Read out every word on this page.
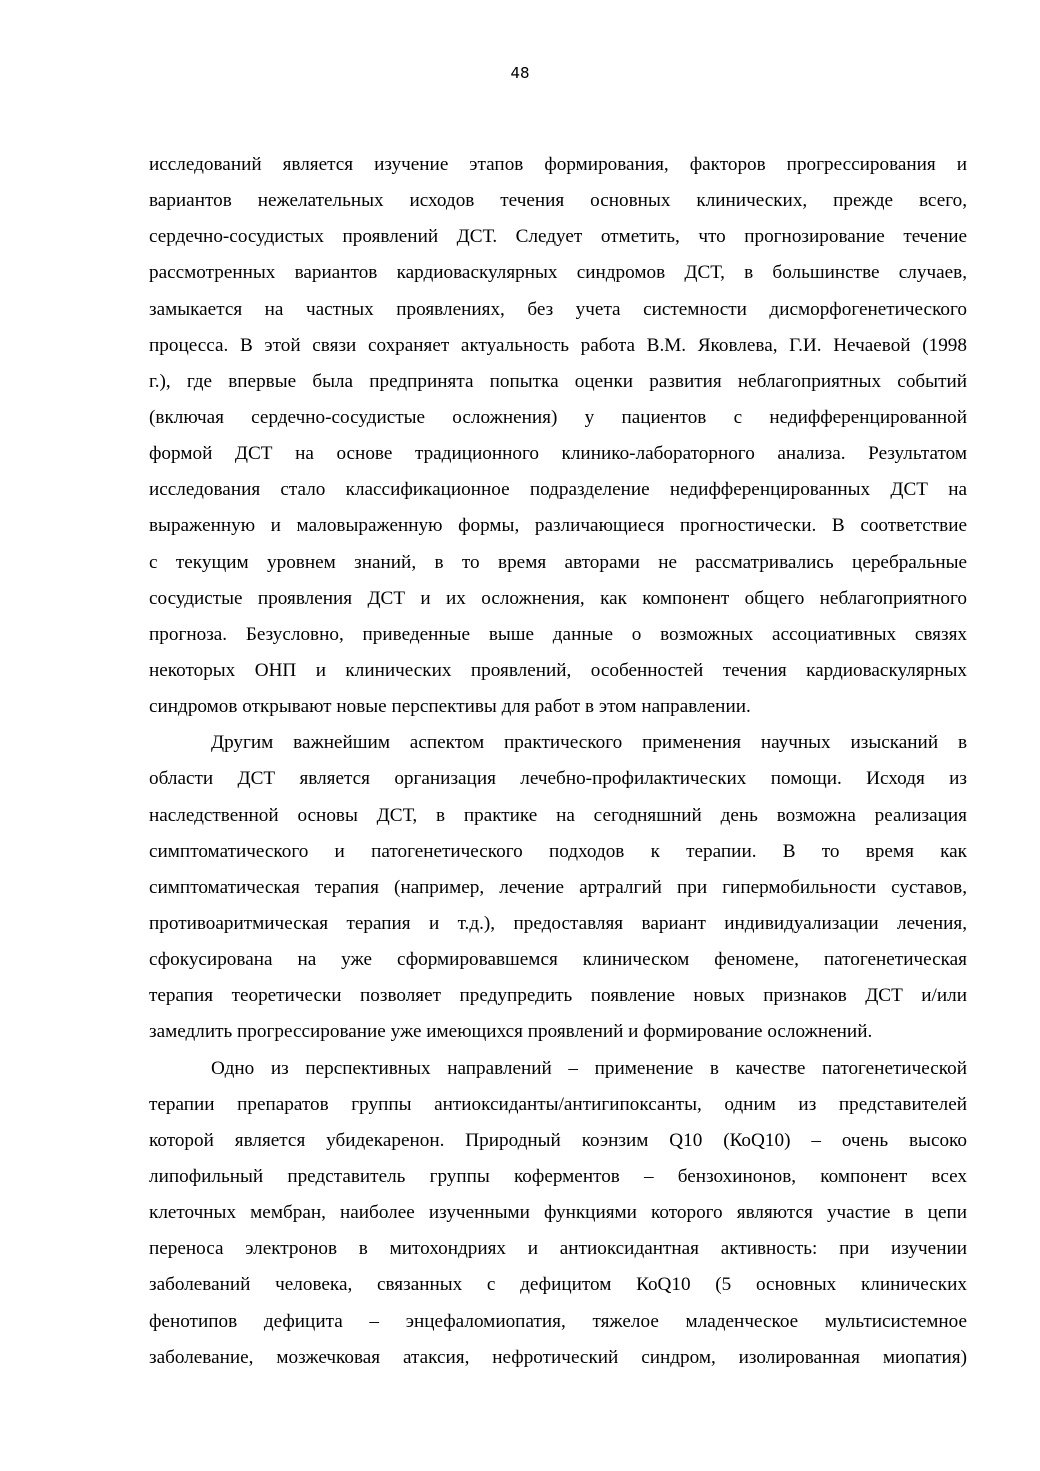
48
исследований является изучение этапов формирования, факторов прогрессирования и
вариантов нежелательных исходов течения основных клинических, прежде всего,
сердечно-сосудистых проявлений ДСТ. Следует отметить, что прогнозирование течение
рассмотренных вариантов кардиоваскулярных синдромов ДСТ, в большинстве случаев,
замыкается на частных проявлениях, без учета системности дисморфогенетического
процесса. В этой связи сохраняет актуальность работа В.М. Яковлева, Г.И. Нечаевой (1998
г.), где впервые была предпринята попытка оценки развития неблагоприятных событий
(включая сердечно-сосудистые осложнения) у пациентов с недифференцированной
формой ДСТ на основе традиционного клинико-лабораторного анализа. Результатом
исследования стало классификационное подразделение недифференцированных ДСТ на
выраженную и маловыраженную формы, различающиеся прогностически. В соответствие
с текущим уровнем знаний, в то время авторами не рассматривались церебральные
сосудистые проявления ДСТ и их осложнения, как компонент общего неблагоприятного
прогноза. Безусловно, приведенные выше данные о возможных ассоциативных связях
некоторых ОНП и клинических проявлений, особенностей течения кардиоваскулярных
синдромов открывают новые перспективы для работ в этом направлении.
Другим важнейшим аспектом практического применения научных изысканий в
области ДСТ является организация лечебно-профилактических помощи. Исходя из
наследственной основы ДСТ, в практике на сегодняшний день возможна реализация
симптоматического и патогенетического подходов к терапии. В то время как
симптоматическая терапия (например, лечение артралгий при гипермобильности суставов,
противоаритмическая терапия и т.д.), предоставляя вариант индивидуализации лечения,
сфокусирована на уже сформировавшемся клиническом феномене, патогенетическая
терапия теоретически позволяет предупредить появление новых признаков ДСТ и/или
замедлить прогрессирование уже имеющихся проявлений и формирование осложнений.
Одно из перспективных направлений – применение в качестве патогенетической
терапии препаратов группы антиоксиданты/антигипоксанты, одним из представителей
которой является убидекаренон. Природный коэнзим Q10 (КоQ10) – очень высоко
липофильный представитель группы коферментов – бензохинонов, компонент всех
клеточных мембран, наиболее изученными функциями которого являются участие в цепи
переноса электронов в митохондриях и антиоксидантная активность: при изучении
заболеваний человека, связанных с дефицитом КоQ10 (5 основных клинических
фенотипов дефицита – энцефаломиопатия, тяжелое младенческое мультисистемное
заболевание, мозжечковая атаксия, нефротический синдром, изолированная миопатия)
